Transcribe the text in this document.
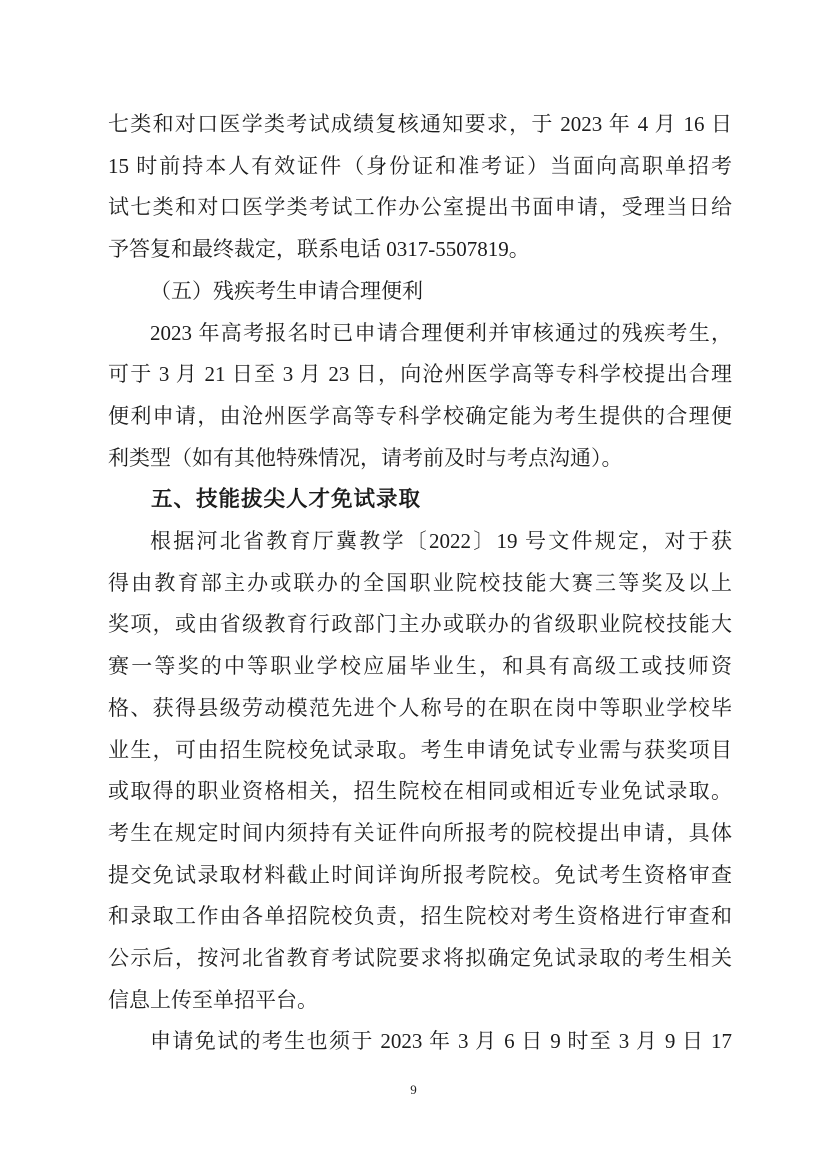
七类和对口医学类考试成绩复核通知要求，于 2023 年 4 月 16 日
15 时前持本人有效证件（身份证和准考证）当面向高职单招考
试七类和对口医学类考试工作办公室提出书面申请，受理当日给
予答复和最终裁定，联系电话 0317-5507819。
（五）残疾考生申请合理便利
2023 年高考报名时已申请合理便利并审核通过的残疾考生，
可于 3 月 21 日至 3 月 23 日，向沧州医学高等专科学校提出合理
便利申请，由沧州医学高等专科学校确定能为考生提供的合理便
利类型（如有其他特殊情况，请考前及时与考点沟通）。
五、技能拔尖人才免试录取
根据河北省教育厅冀教学〔2022〕19 号文件规定，对于获
得由教育部主办或联办的全国职业院校技能大赛三等奖及以上
奖项，或由省级教育行政部门主办或联办的省级职业院校技能大
赛一等奖的中等职业学校应届毕业生，和具有高级工或技师资
格、获得县级劳动模范先进个人称号的在职在岗中等职业学校毕
业生，可由招生院校免试录取。考生申请免试专业需与获奖项目
或取得的职业资格相关，招生院校在相同或相近专业免试录取。
考生在规定时间内须持有关证件向所报考的院校提出申请，具体
提交免试录取材料截止时间详询所报考院校。免试考生资格审查
和录取工作由各单招院校负责，招生院校对考生资格进行审查和
公示后，按河北省教育考试院要求将拟确定免试录取的考生相关
信息上传至单招平台。
申请免试的考生也须于 2023 年 3 月 6 日 9 时至 3 月 9 日 17
9
